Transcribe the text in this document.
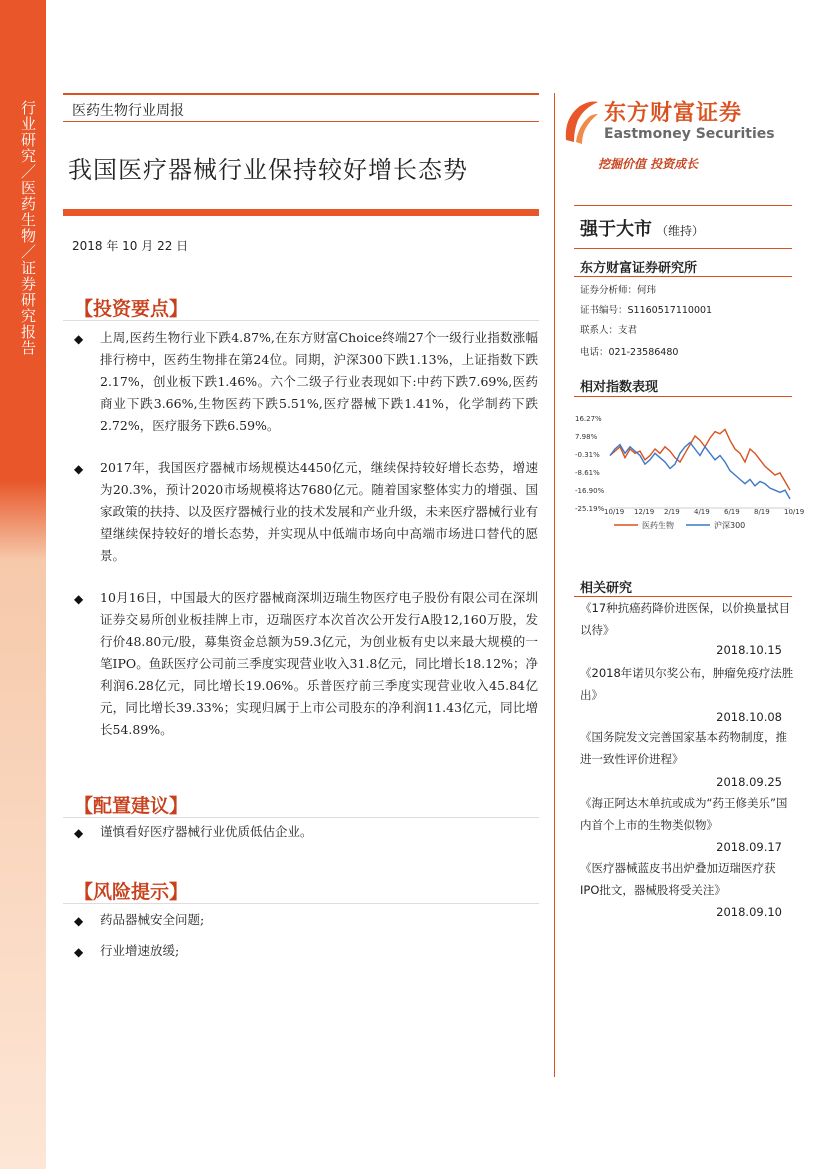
行业研究／医药生物／证券研究报告	医药生物行业周报
我国医疗器械行业保持较好增长态势
2018 年 10 月 22 日
东方财富证券
Eastmoney Securities
挖掘价值 投资成长
【投资要点】
◆ 上周,医药生物行业下跌4.87%,在东方财富Choice终端27个一级行业指数涨幅排行榜中，医药生物排在第24位。同期，沪深300下跌1.13%，上证指数下跌2.17%，创业板下跌1.46%。六个二级子行业表现如下:中药下跌7.69%,医药商业下跌3.66%,生物医药下跌5.51%,医疗器械下跌1.41%，化学制药下跌2.72%，医疗服务下跌6.59%。
◆ 2017年，我国医疗器械市场规模达4450亿元，继续保持较好增长态势，增速为20.3%，预计2020市场规模将达7680亿元。随着国家整体实力的增强、国家政策的扶持、以及医疗器械行业的技术发展和产业升级，未来医疗器械行业有望继续保持较好的增长态势，并实现从中低端市场向中高端市场进口替代的愿景。
◆ 10月16日，中国最大的医疗器械商深圳迈瑞生物医疗电子股份有限公司在深圳证券交易所创业板挂牌上市，迈瑞医疗本次首次公开发行A股12,160万股，发行价48.80元/股，募集资金总额为59.3亿元，为创业板有史以来最大规模的一笔IPO。鱼跃医疗公司前三季度实现营业收入31.8亿元，同比增长18.12%；净利润6.28亿元，同比增长19.06%。乐普医疗前三季度实现营业收入45.84亿元，同比增长39.33%；实现归属于上市公司股东的净利润11.43亿元，同比增长54.89%。
【配置建议】
◆ 谨慎看好医疗器械行业优质低估企业。
【风险提示】
◆ 药品器械安全问题;
◆ 行业增速放缓;
强于大市 （维持）
东方财富证券研究所
证券分析师：何玮
证书编号：S1160517110001
联系人：支君
电话：021-23586480
相对指数表现
16.27%
7.98%
-0.31%
-8.61%
-16.90%
-25.19% 10/19 12/19 2/19 4/19 6/19 8/19 10/19
医药生物	沪深300
相关研究
《17种抗癌药降价进医保，以价换量拭目以待》
2018.10.15
《2018年诺贝尔奖公布，肿瘤免疫疗法胜出》
2018.10.08
《国务院发文完善国家基本药物制度，推进一致性评价进程》
2018.09.25
《海正阿达木单抗或成为“药王修美乐”国内首个上市的生物类似物》
2018.09.17
《医疗器械蓝皮书出炉叠加迈瑞医疗获IPO批文，器械股将受关注》
2018.09.10
